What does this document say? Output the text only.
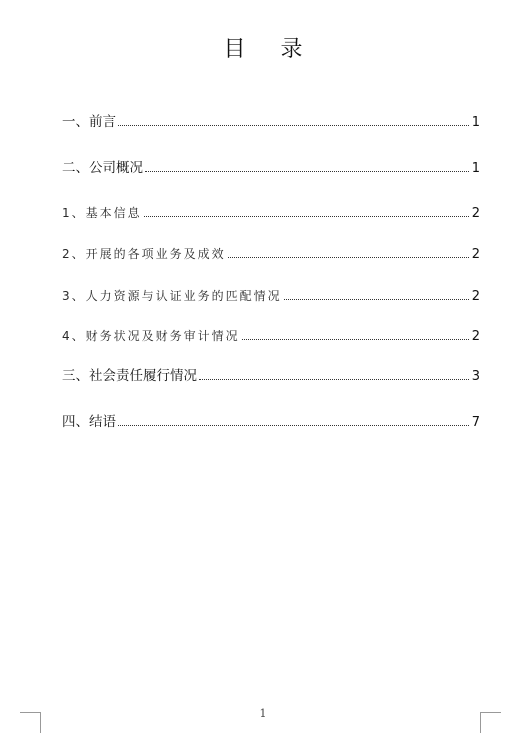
目 录
一、前言	1
二、公司概况	1
1、基本信息	2
2、开展的各项业务及成效	2
3、人力资源与认证业务的匹配情况	2
4、财务状况及财务审计情况	2
三、社会责任履行情况	3
四、结语	7
1
